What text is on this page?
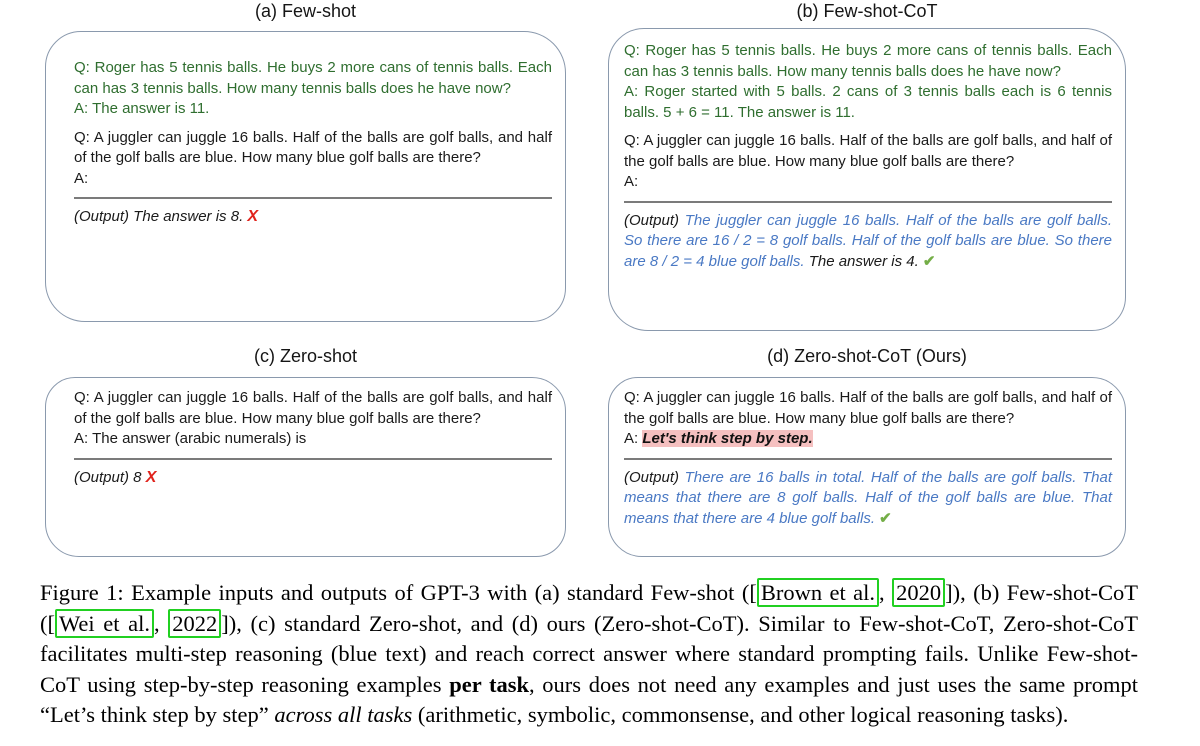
(a) Few-shot	(b) Few-shot-CoT

Q: Roger has 5 tennis balls. He buys 2 more cans of tennis balls. Each can has 3 tennis balls. How many tennis balls does he have now?
A: The answer is 11.

Q: A juggler can juggle 16 balls. Half of the balls are golf balls, and half of the golf balls are blue. How many blue golf balls are there?
A:

(Output) The answer is 8. X

Q: Roger has 5 tennis balls. He buys 2 more cans of tennis balls. Each can has 3 tennis balls. How many tennis balls does he have now?
A: Roger started with 5 balls. 2 cans of 3 tennis balls each is 6 tennis balls. 5 + 6 = 11. The answer is 11.

Q: A juggler can juggle 16 balls. Half of the balls are golf balls, and half of the golf balls are blue. How many blue golf balls are there?
A:

(Output) The juggler can juggle 16 balls. Half of the balls are golf balls. So there are 16 / 2 = 8 golf balls. Half of the golf balls are blue. So there are 8 / 2 = 4 blue golf balls. The answer is 4. ✔

(c) Zero-shot	(d) Zero-shot-CoT (Ours)

Q: A juggler can juggle 16 balls. Half of the balls are golf balls, and half of the golf balls are blue. How many blue golf balls are there?
A: The answer (arabic numerals) is

(Output) 8 X

Q: A juggler can juggle 16 balls. Half of the balls are golf balls, and half of the golf balls are blue. How many blue golf balls are there?
A: Let's think step by step.

(Output) There are 16 balls in total. Half of the balls are golf balls. That means that there are 8 golf balls. Half of the golf balls are blue. That means that there are 4 blue golf balls. ✔

Figure 1: Example inputs and outputs of GPT-3 with (a) standard Few-shot ([ Brown et al. , 2020 ]), (b) Few-shot-CoT ([ Wei et al. , 2022 ]), (c) standard Zero-shot, and (d) ours (Zero-shot-CoT). Similar to Few-shot-CoT, Zero-shot-CoT facilitates multi-step reasoning (blue text) and reach correct answer where standard prompting fails. Unlike Few-shot-CoT using step-by-step reasoning examples per task, ours does not need any examples and just uses the same prompt “Let’s think step by step” across all tasks (arithmetic, symbolic, commonsense, and other logical reasoning tasks).
